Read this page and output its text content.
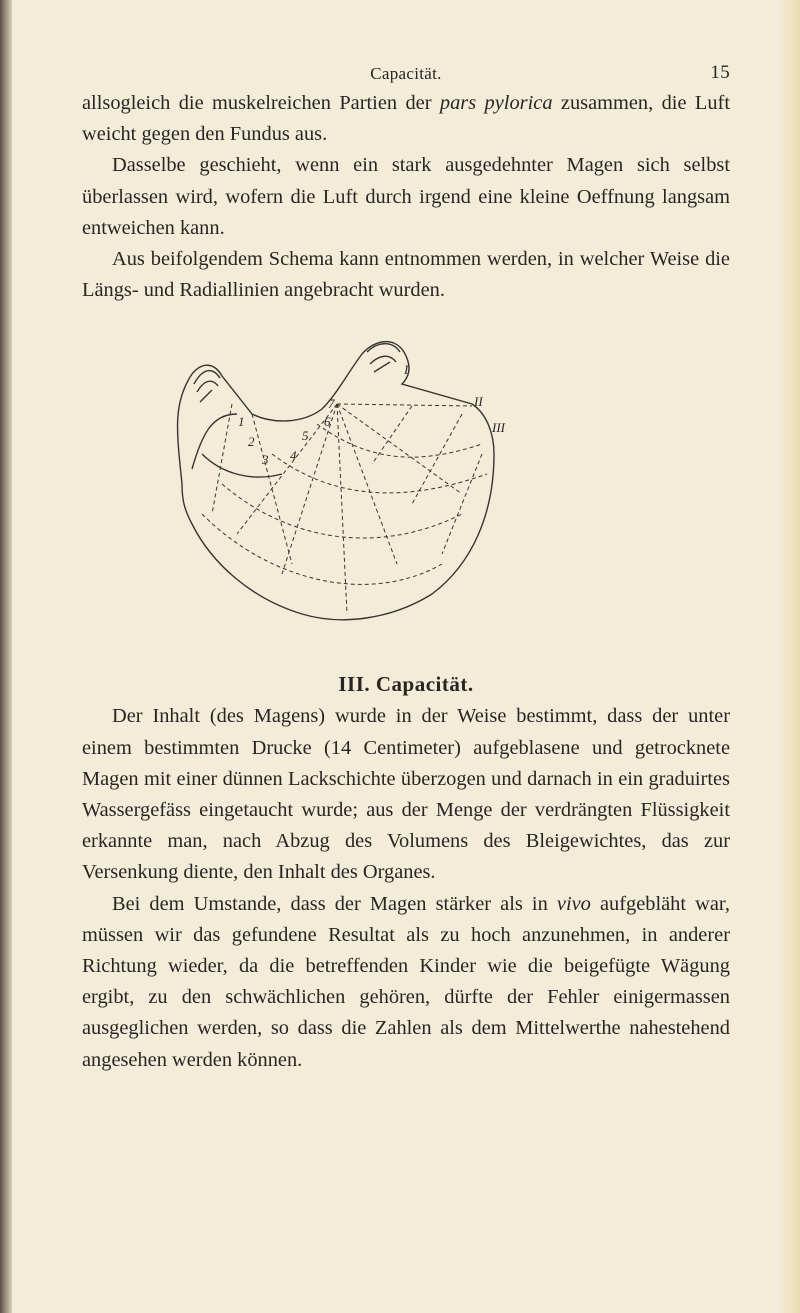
Capacität.	15

allsogleich die muskelreichen Partien der pars pylorica zusammen, die Luft weicht gegen den Fundus aus.

Dasselbe geschieht, wenn ein stark ausgedehnter Magen sich selbst überlassen wird, wofern die Luft durch irgend eine kleine Oeffnung langsam entweichen kann.

Aus beifolgendem Schema kann entnommen werden, in welcher Weise die Längs- und Radiallinien angebracht wurden.

I
II
III
1
2
3 4
5
6
7
III. Capacität.

Der Inhalt (des Magens) wurde in der Weise bestimmt, dass der unter einem bestimmten Drucke (14 Centimeter) aufgeblasene und getrocknete Magen mit einer dünnen Lackschichte überzogen und darnach in ein graduirtes Wassergefäss eingetaucht wurde; aus der Menge der verdrängten Flüssigkeit erkannte man, nach Abzug des Volumens des Bleigewichtes, das zur Versenkung diente, den Inhalt des Organes.

Bei dem Umstande, dass der Magen stärker als in vivo aufgebläht war, müssen wir das gefundene Resultat als zu hoch anzunehmen, in anderer Richtung wieder, da die betreffenden Kinder wie die beigefügte Wägung ergibt, zu den schwächlichen gehören, dürfte der Fehler einigermassen ausgeglichen werden, so dass die Zahlen als dem Mittelwerthe nahestehend angesehen werden können.
